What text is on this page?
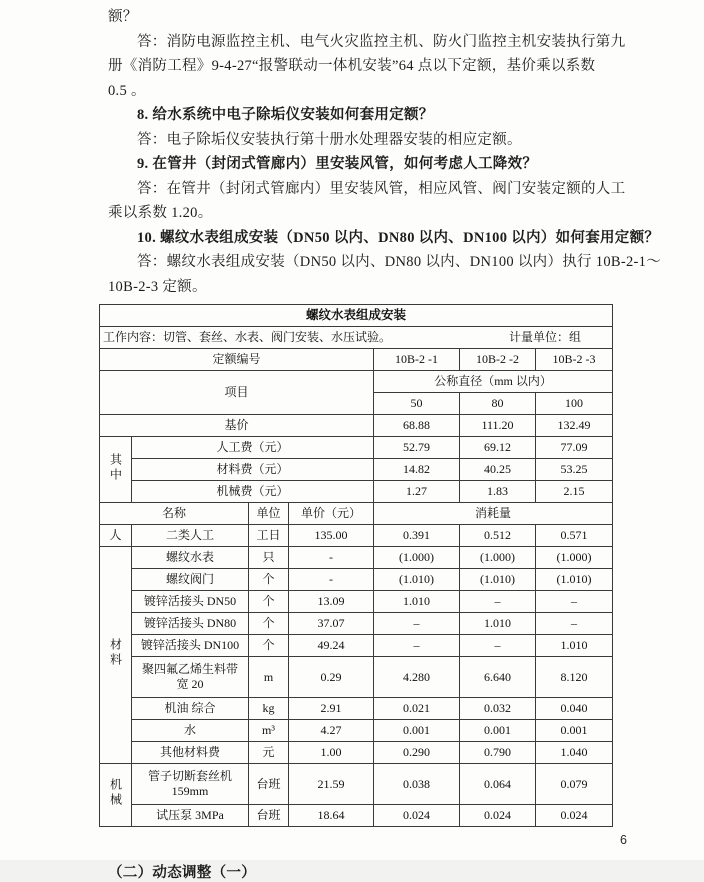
额？
答：消防电源监控主机、电气火灾监控主机、防火门监控主机安装执行第九
册《消防工程》9-4-27“报警联动一体机安装”64 点以下定额，基价乘以系数
0.5 。
8. 给水系统中电子除垢仪安装如何套用定额？
答：电子除垢仪安装执行第十册水处理器安装的相应定额。
9. 在管井（封闭式管廊内）里安装风管，如何考虑人工降效？
答：在管井（封闭式管廊内）里安装风管，相应风管、阀门安装定额的人工
乘以系数 1.20。
10. 螺纹水表组成安装（DN50 以内、DN80 以内、DN100 以内）如何套用定额？
答：螺纹水表组成安装（DN50 以内、DN80 以内、DN100 以内）执行 10B-2-1～
10B-2-3 定额。
螺纹水表组成安装						

工作内容：切管、套丝、水表、阀门安装、水压试验。 计量单位：组						

定额编号				10B-2 -1	10B-2 -2	10B-2 -3
项目				公称直径（mm 以内）		
				50	80	100
基价				68.88	111.20	132.49
其中	人工费（元）			52.79	69.12	77.09
	材料费（元）			14.82	40.25	53.25
	机械费（元）			1.27	1.83	2.15
名称		单位	单价（元）	消耗量		
人	二类人工	工日	135.00	0.391	0.512	0.571
材料	螺纹水表	只	-	(1.000)	(1.000)	(1.000)
	螺纹阀门	个	-	(1.010)	(1.010)	(1.010)
	镀锌活接头 DN50	个	13.09	1.010	–	–
	镀锌活接头 DN80	个	37.07	–	1.010	–
	镀锌活接头 DN100	个	49.24	–	–	1.010
	聚四氟乙烯生料带 宽 20	m	0.29	4.280	6.640	8.120
	机油 综合	kg	2.91	0.021	0.032	0.040
	水	m³	4.27	0.001	0.001	0.001
	其他材料费	元	1.00	0.290	0.790	1.040
机械	管子切断套丝机 159mm	台班	21.59	0.038	0.064	0.079
	试压泵 3MPa	台班	18.64	0.024	0.024	0.024
（二）动态调整（一）
6
